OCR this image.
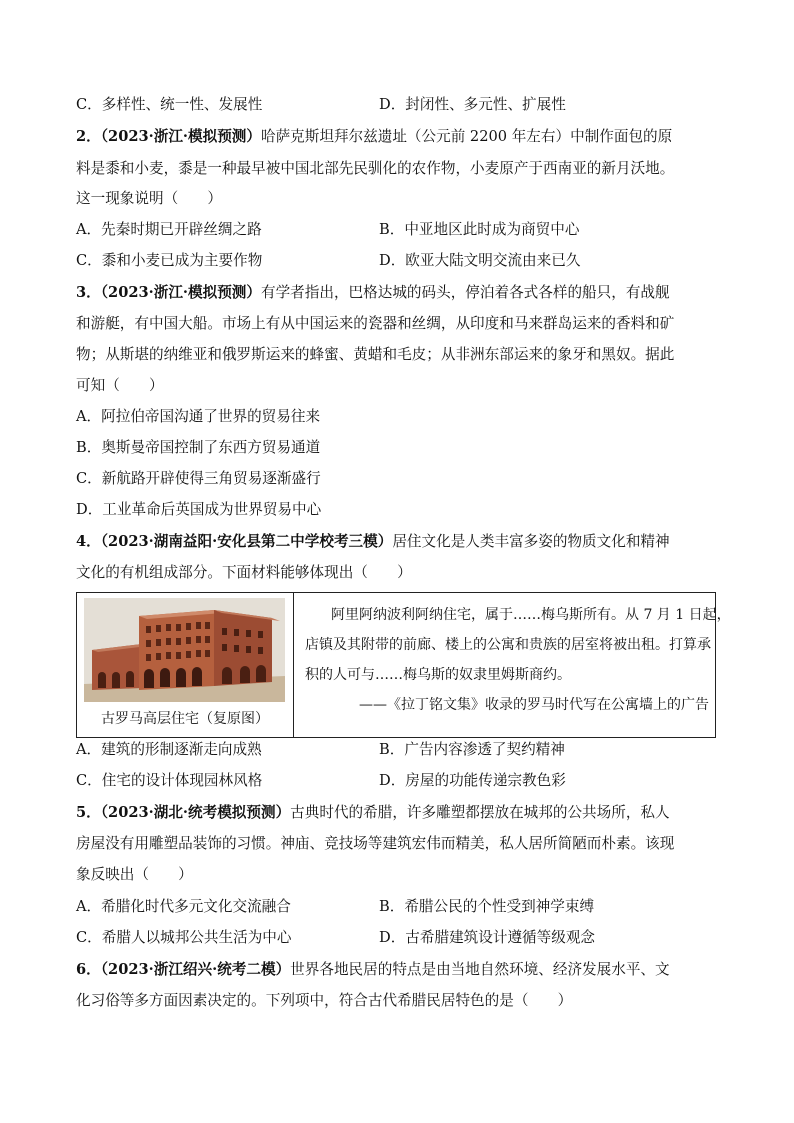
C．多样性、统一性、发展性	D．封闭性、多元性、扩展性
2．（2023·浙江·模拟预测）哈萨克斯坦拜尔兹遗址（公元前 2200 年左右）中制作面包的原
料是黍和小麦，黍是一种最早被中国北部先民驯化的农作物，小麦原产于西南亚的新月沃地。
这一现象说明（　　）
A．先秦时期已开辟丝绸之路	B．中亚地区此时成为商贸中心
C．黍和小麦已成为主要作物	D．欧亚大陆文明交流由来已久
3．（2023·浙江·模拟预测）有学者指出，巴格达城的码头，停泊着各式各样的船只，有战舰
和游艇，有中国大船。市场上有从中国运来的瓷器和丝绸，从印度和马来群岛运来的香料和矿
物；从斯堪的纳维亚和俄罗斯运来的蜂蜜、黄蜡和毛皮；从非洲东部运来的象牙和黑奴。据此
可知（　　）
A．阿拉伯帝国沟通了世界的贸易往来
B．奥斯曼帝国控制了东西方贸易通道
C．新航路开辟使得三角贸易逐渐盛行
D．工业革命后英国成为世界贸易中心
4．（2023·湖南益阳·安化县第二中学校考三模）居住文化是人类丰富多姿的物质文化和精神
文化的有机组成部分。下面材料能够体现出（　　）
古罗马高层住宅（复原图）
阿里阿纳波利阿纳住宅，属于……梅乌斯所有。从 7 月 1 日起，
店镇及其附带的前廊、楼上的公寓和贵族的居室将被出租。打算承
积的人可与……梅乌斯的奴隶里姆斯商约。
——《拉丁铭文集》收录的罗马时代写在公寓墙上的广告
A．建筑的形制逐渐走向成熟	B．广告内容渗透了契约精神
C．住宅的设计体现园林风格	D．房屋的功能传递宗教色彩
5．（2023·湖北·统考模拟预测）古典时代的希腊，许多雕塑都摆放在城邦的公共场所，私人
房屋没有用雕塑品装饰的习惯。神庙、竞技场等建筑宏伟而精美，私人居所简陋而朴素。该现
象反映出（　　）
A．希腊化时代多元文化交流融合	B．希腊公民的个性受到神学束缚
C．希腊人以城邦公共生活为中心	D．古希腊建筑设计遵循等级观念
6．（2023·浙江绍兴·统考二模）世界各地民居的特点是由当地自然环境、经济发展水平、文
化习俗等多方面因素决定的。下列项中，符合古代希腊民居特色的是（　　）
